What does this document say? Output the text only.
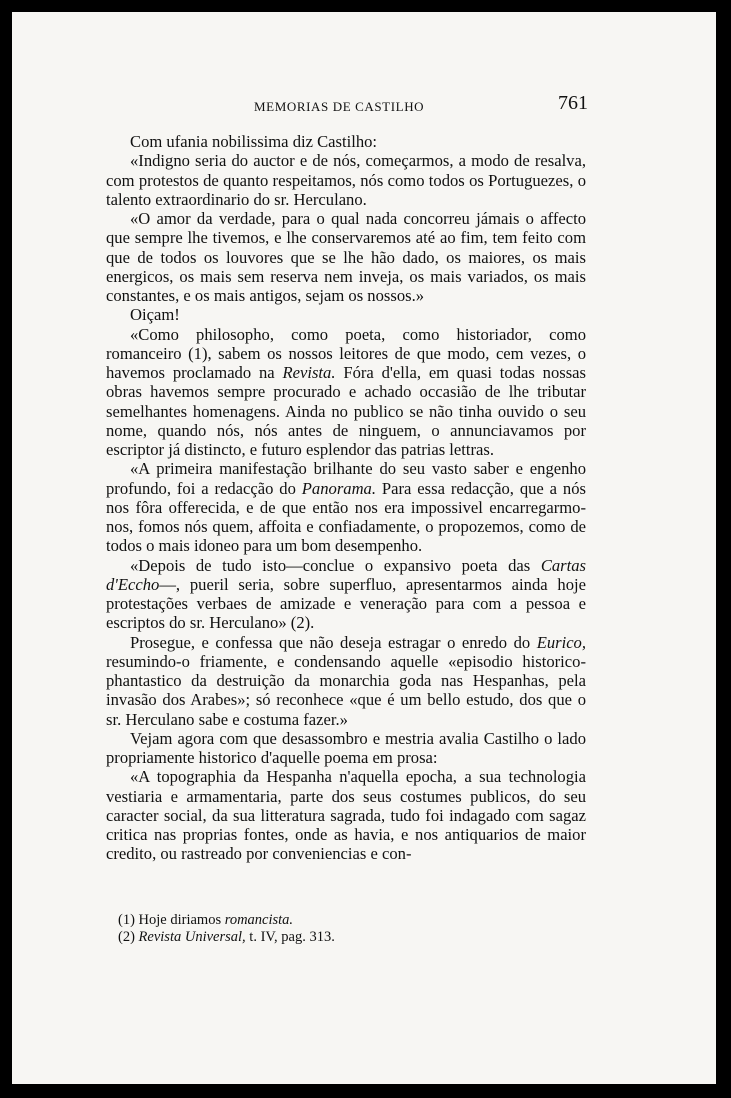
MEMORIAS DE CASTILHO	761

Com ufania nobilissima diz Castilho:

«Indigno seria do auctor e de nós, começarmos, a modo de resalva, com protestos de quanto respeitamos, nós como todos os Portuguezes, o talento extraordinario do sr. Herculano.

«O amor da verdade, para o qual nada concorreu jámais o affecto que sempre lhe tivemos, e lhe conservaremos até ao fim, tem feito com que de todos os louvores que se lhe hão dado, os maiores, os mais energicos, os mais sem reserva nem inveja, os mais variados, os mais constantes, e os mais antigos, sejam os nossos.»

Oiçam!

«Como philosopho, como poeta, como historiador, como romanceiro (1), sabem os nossos leitores de que modo, cem vezes, o havemos proclamado na Revista. Fóra d'ella, em quasi todas nossas obras havemos sempre procurado e achado occasião de lhe tributar semelhantes homenagens. Ainda no publico se não tinha ouvido o seu nome, quando nós, nós antes de ninguem, o annunciavamos por escriptor já distincto, e futuro esplendor das patrias lettras.

«A primeira manifestação brilhante do seu vasto saber e engenho profundo, foi a redacção do Panorama. Para essa redacção, que a nós nos fôra offerecida, e de que então nos era impossivel encarregarmo-nos, fomos nós quem, affoita e confiadamente, o propozemos, como de todos o mais idoneo para um bom desempenho.

«Depois de tudo isto—conclue o expansivo poeta das Cartas d'Eccho—, pueril seria, sobre superfluo, apresentarmos ainda hoje protestações verbaes de amizade e veneração para com a pessoa e escriptos do sr. Herculano» (2).

Prosegue, e confessa que não deseja estragar o enredo do Eurico, resumindo-o friamente, e condensando aquelle «episodio historico-phantastico da destruição da monarchia goda nas Hespanhas, pela invasão dos Arabes»; só reconhece «que é um bello estudo, dos que o sr. Herculano sabe e costuma fazer.»

Vejam agora com que desassombro e mestria avalia Castilho o lado propriamente historico d'aquelle poema em prosa:

«A topographia da Hespanha n'aquella epocha, a sua technologia vestiaria e armamentaria, parte dos seus costumes publicos, do seu caracter social, da sua litteratura sagrada, tudo foi indagado com sagaz critica nas proprias fontes, onde as havia, e nos antiquarios de maior credito, ou rastreado por conveniencias e con-

(1) Hoje diriamos romancista.

(2) Revista Universal, t. IV, pag. 313.
